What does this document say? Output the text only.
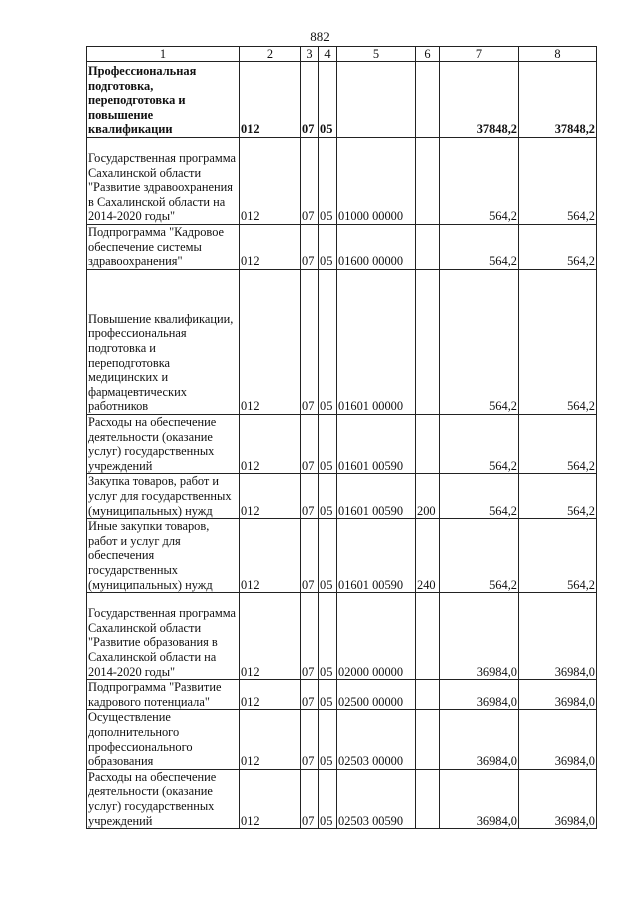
882
1	2	3	4	5	6	7	8
Профессиональная подготовка, переподготовка и повышение квалификации	012	07	05			37848,2	37848,2
Государственная программа Сахалинской области "Развитие здравоохранения в Сахалинской области на 2014-2020 годы"	012	07	05	01000 00000		564,2	564,2
Подпрограмма "Кадровое обеспечение системы здравоохранения"	012	07	05	01600 00000		564,2	564,2
Повышение квалификации, профессиональная подготовка и переподготовка медицинских и фармацевтических работников	012	07	05	01601 00000		564,2	564,2
Расходы на обеспечение деятельности (оказание услуг) государственных учреждений	012	07	05	01601 00590		564,2	564,2
Закупка товаров, работ и услуг для государственных (муниципальных) нужд	012	07	05	01601 00590	200	564,2	564,2
Иные закупки товаров, работ и услуг для обеспечения государственных (муниципальных) нужд	012	07	05	01601 00590	240	564,2	564,2
Государственная программа Сахалинской области "Развитие образования в Сахалинской области на 2014-2020 годы"	012	07	05	02000 00000		36984,0	36984,0
Подпрограмма "Развитие кадрового потенциала"	012	07	05	02500 00000		36984,0	36984,0
Осуществление дополнительного профессионального образования	012	07	05	02503 00000		36984,0	36984,0
Расходы на обеспечение деятельности (оказание услуг) государственных учреждений	012	07	05	02503 00590		36984,0	36984,0
